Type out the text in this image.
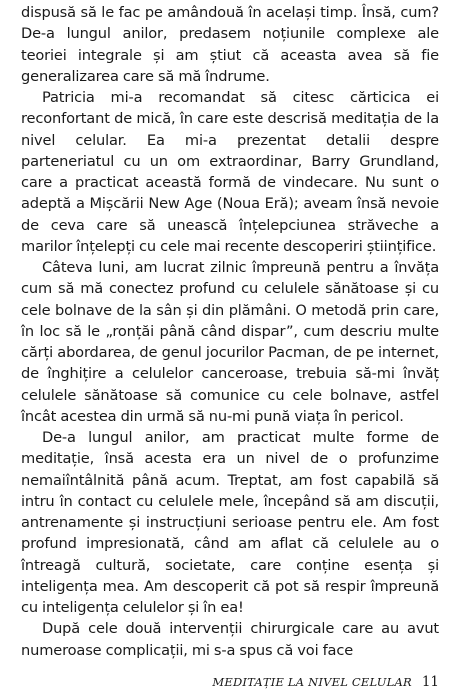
dispusă să le fac pe amândouă în același timp. Însă, cum? De-a lungul anilor, predasem noțiunile complexe ale teoriei integrale și am știut că aceasta avea să fie generalizarea care să mă îndrume.

Patricia mi-a recomandat să citesc cărticica ei reconfortant de mică, în care este descrisă meditația de la nivel celular. Ea mi-a prezentat detalii despre parteneriatul cu un om extraordinar, Barry Grundland, care a practicat această formă de vindecare. Nu sunt o adeptă a Mișcării New Age (Noua Eră); aveam însă nevoie de ceva care să unească înțelepciunea străveche a marilor înțelepți cu cele mai recente descoperiri științifice.

Câteva luni, am lucrat zilnic împreună pentru a învăța cum să mă conectez profund cu celulele sănătoase și cu cele bolnave de la sân și din plămâni. O metodă prin care, în loc să le „ronțăi până când dispar”, cum descriu multe cărți abordarea, de genul jocurilor Pacman, de pe internet, de înghițire a celulelor canceroase, trebuia să-mi învăț celulele sănătoase să comunice cu cele bolnave, astfel încât acestea din urmă să nu-mi pună viața în pericol.

De-a lungul anilor, am practicat multe forme de meditație, însă acesta era un nivel de o profunzime nemaiîntâlnită până acum. Treptat, am fost capabilă să intru în contact cu celulele mele, începând să am discuții, antrenamente și instrucțiuni serioase pentru ele. Am fost profund impresionată, când am aflat că celulele au o întreagă cultură, societate, care conține esența și inteligența mea. Am descoperit că pot să respir împreună cu inteligența celulelor și în ea!

După cele două intervenții chirurgicale care au avut numeroase complicații, mi s-a spus că voi face

MEDITAȚIE LA NIVEL CELULAR 11
